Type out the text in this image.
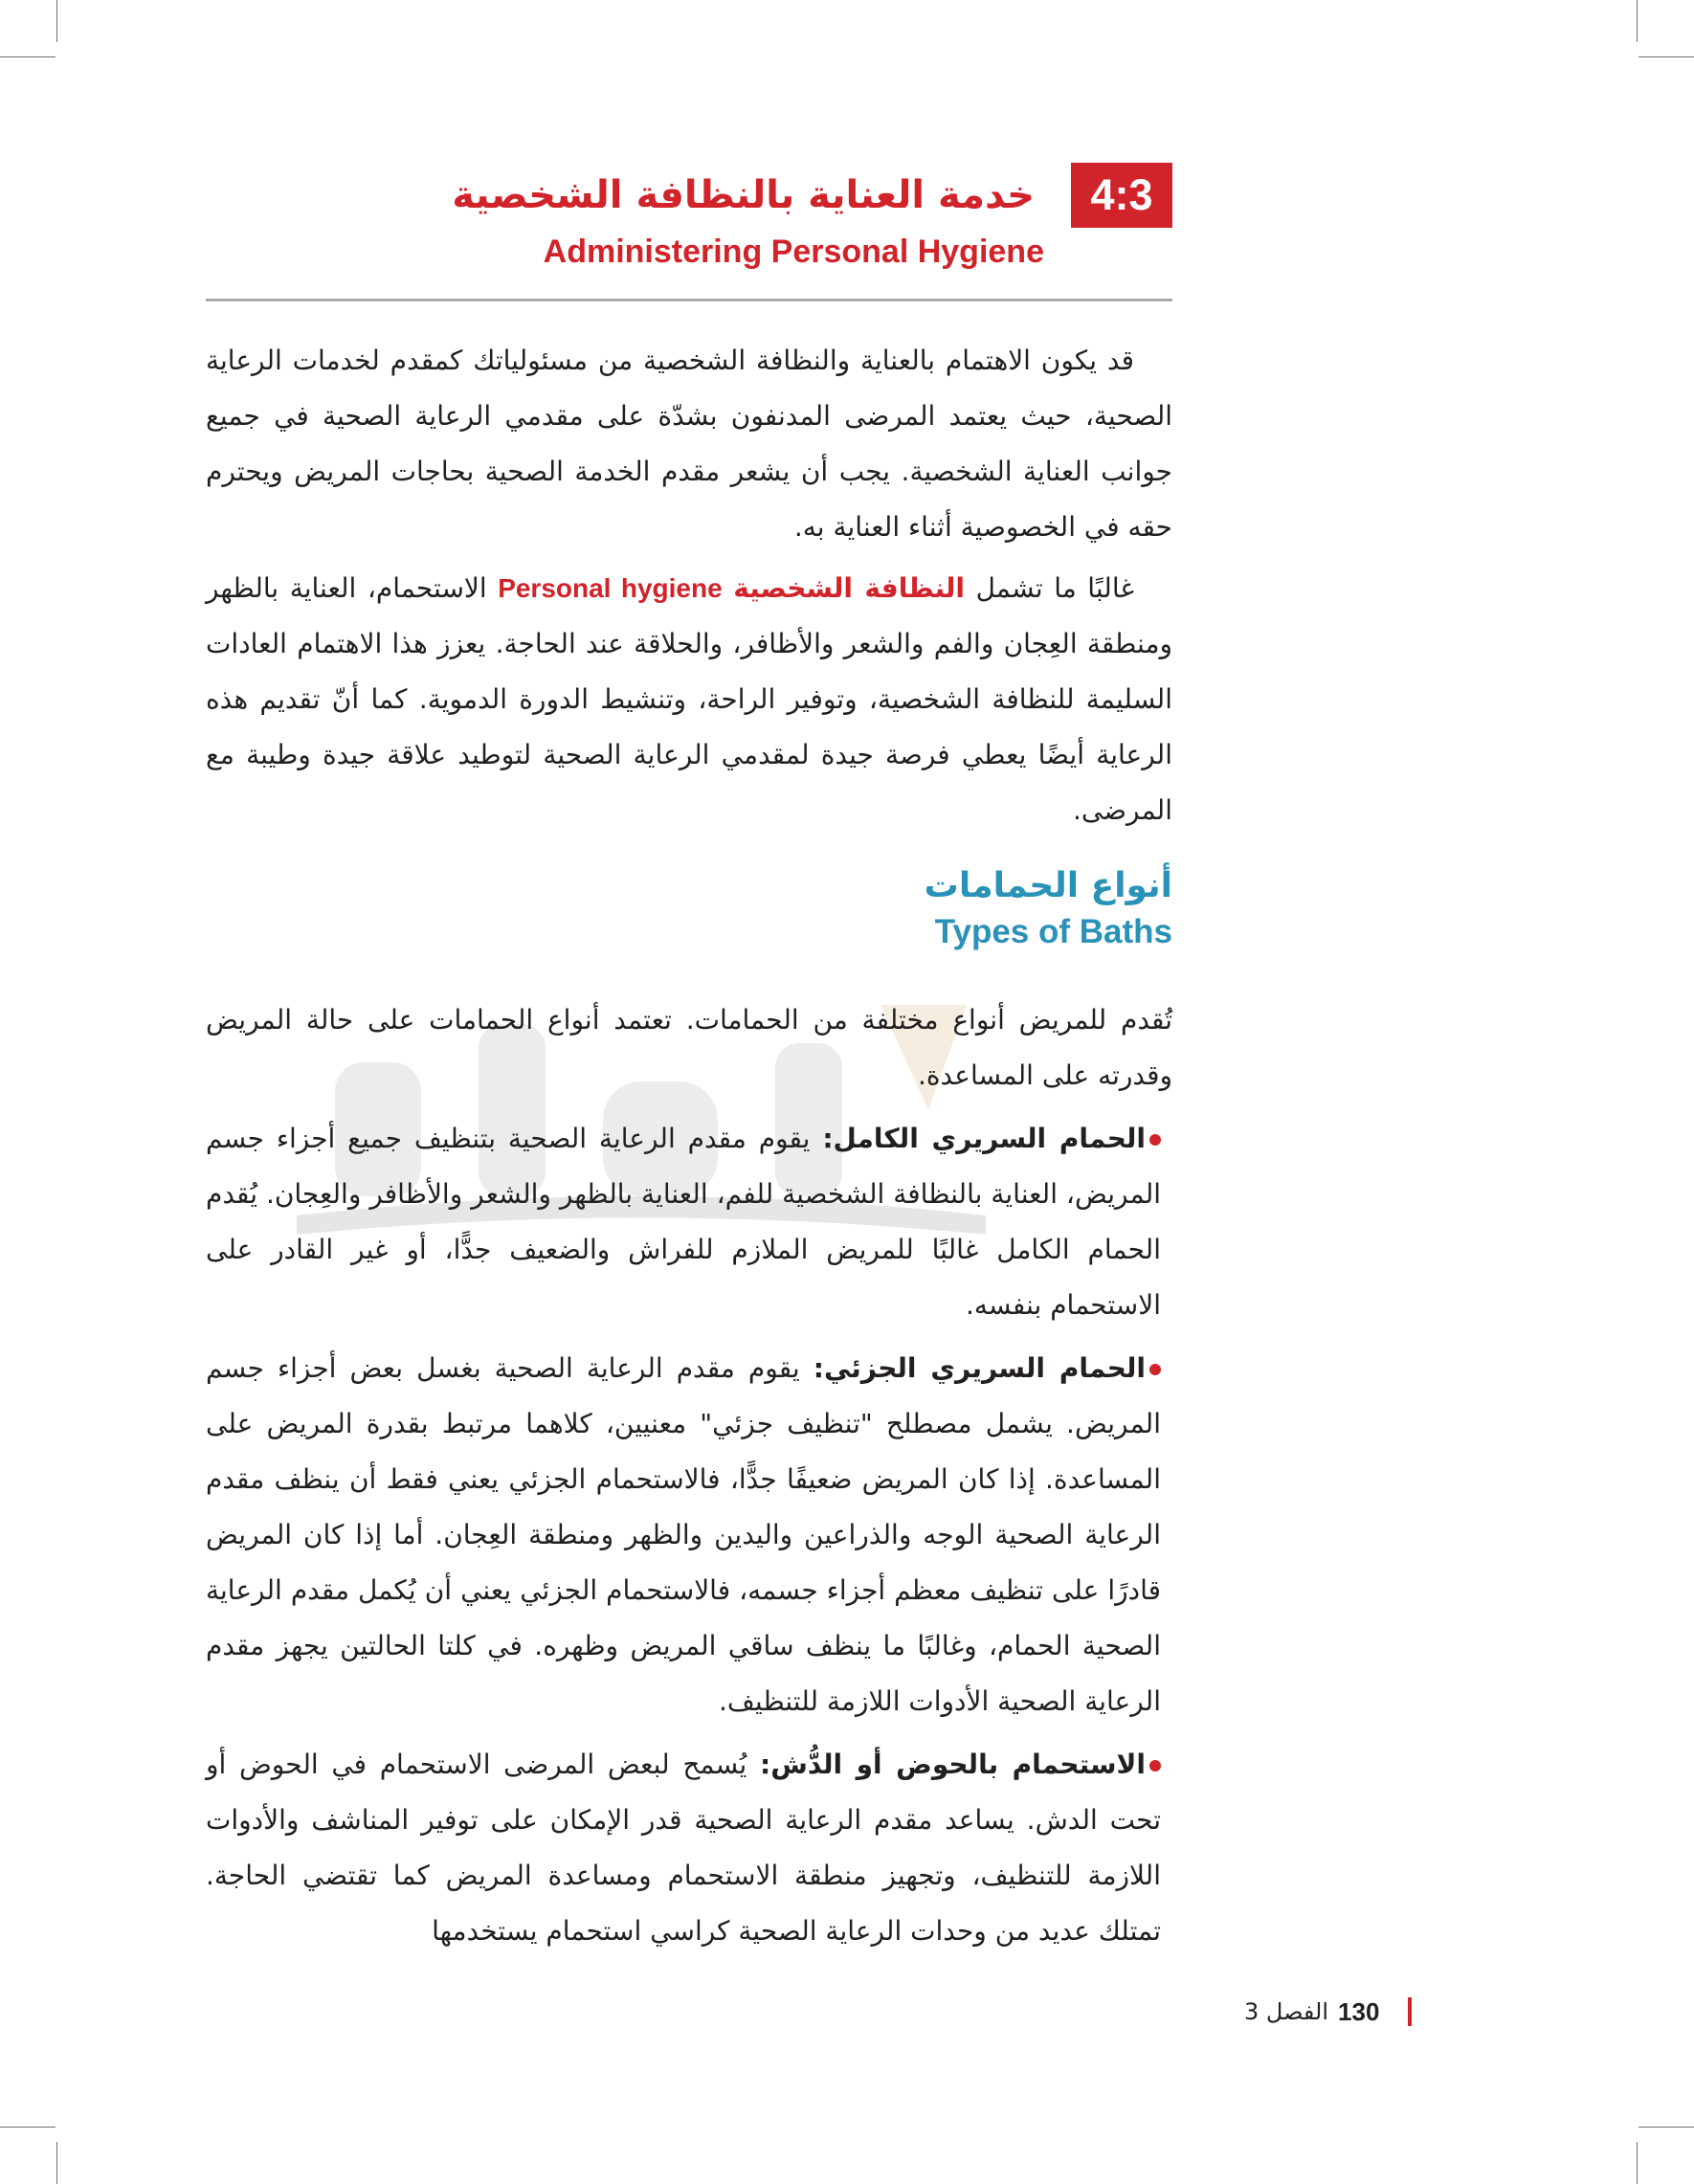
4:3
خدمة العناية بالنظافة الشخصية
Administering Personal Hygiene

قد يكون الاهتمام بالعناية والنظافة الشخصية من مسئولياتك كمقدم لخدمات الرعاية الصحية، حيث يعتمد المرضى المدنفون بشدّة على مقدمي الرعاية الصحية في جميع جوانب العناية الشخصية. يجب أن يشعر مقدم الخدمة الصحية بحاجات المريض ويحترم حقه في الخصوصية أثناء العناية به.

غالبًا ما تشمل النظافة الشخصية Personal hygiene الاستحمام، العناية بالظهر ومنطقة العِجان والفم والشعر والأظافر، والحلاقة عند الحاجة. يعزز هذا الاهتمام العادات السليمة للنظافة الشخصية، وتوفير الراحة، وتنشيط الدورة الدموية. كما أنّ تقديم هذه الرعاية أيضًا يعطي فرصة جيدة لمقدمي الرعاية الصحية لتوطيد علاقة جيدة وطيبة مع المرضى.

أنواع الحمامات
Types of Baths

تُقدم للمريض أنواع مختلفة من الحمامات. تعتمد أنواع الحمامات على حالة المريض وقدرته على المساعدة.

الحمام السريري الكامل: يقوم مقدم الرعاية الصحية بتنظيف جميع أجزاء جسم المريض، العناية بالنظافة الشخصية للفم، العناية بالظهر والشعر والأظافر والعِجان. يُقدم الحمام الكامل غالبًا للمريض الملازم للفراش والضعيف جدًّا، أو غير القادر على الاستحمام بنفسه.

الحمام السريري الجزئي: يقوم مقدم الرعاية الصحية بغسل بعض أجزاء جسم المريض. يشمل مصطلح "تنظيف جزئي" معنيين، كلاهما مرتبط بقدرة المريض على المساعدة. إذا كان المريض ضعيفًا جدًّا، فالاستحمام الجزئي يعني فقط أن ينظف مقدم الرعاية الصحية الوجه والذراعين واليدين والظهر ومنطقة العِجان. أما إذا كان المريض قادرًا على تنظيف معظم أجزاء جسمه، فالاستحمام الجزئي يعني أن يُكمل مقدم الرعاية الصحية الحمام، وغالبًا ما ينظف ساقي المريض وظهره. في كلتا الحالتين يجهز مقدم الرعاية الصحية الأدوات اللازمة للتنظيف.

الاستحمام بالحوض أو الدُّش: يُسمح لبعض المرضى الاستحمام في الحوض أو تحت الدش. يساعد مقدم الرعاية الصحية قدر الإمكان على توفير المناشف والأدوات اللازمة للتنظيف، وتجهيز منطقة الاستحمام ومساعدة المريض كما تقتضي الحاجة. تمتلك عديد من وحدات الرعاية الصحية كراسي استحمام يستخدمها

130
الفصل 3
